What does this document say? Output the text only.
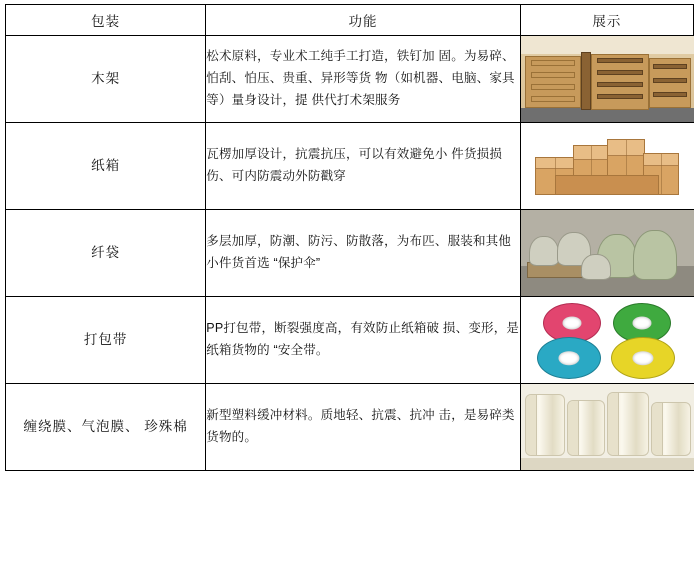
包装	功能	展示
木架	松术原料，专业术工纯手工打造，铁钉加 固。为易碎、怕刮、怕压、贵重、异形等货 物（如机器、电脑、家具等）量身设计，提 供代打术架服务	

纸箱	瓦楞加厚设计，抗震抗压，可以有效避免小 件货损损伤、可内防震动外防戳穿	

纤袋	多层加厚，防潮、防污、防散落，为布匹、服装和其他小件货首选 “保护伞”	

打包带	PP打包带，断裂强度高，有效防止纸箱破 损、变形，是纸箱货物的 “安全带。	

缠绕膜、气泡膜、 珍殊棉	新型塑料缓冲材料。质地轻、抗震、抗冲 击，是易碎类货物的。	
